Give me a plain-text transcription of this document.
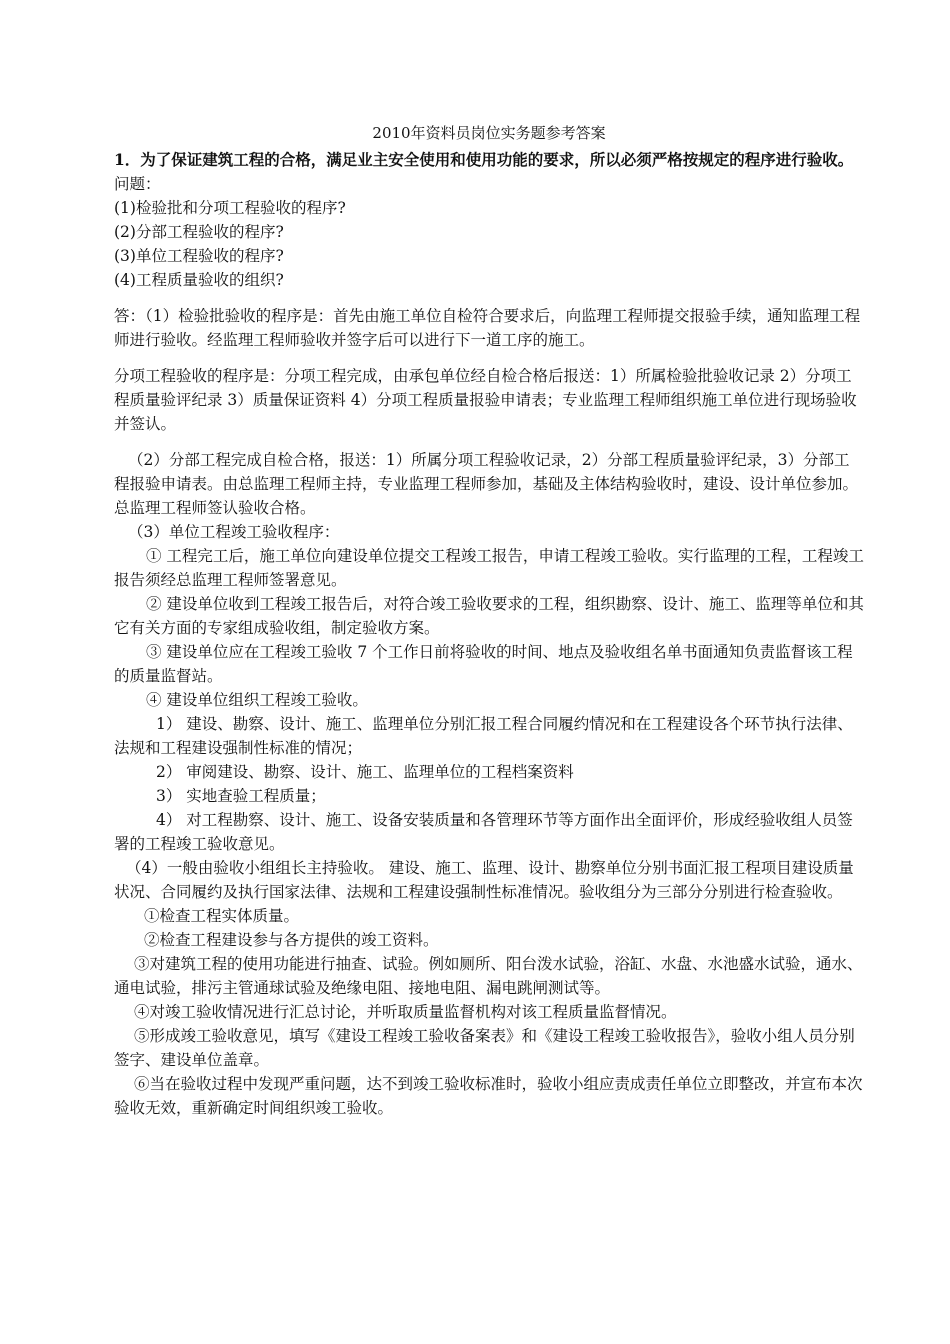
2010年资料员岗位实务题参考答案

1．为了保证建筑工程的合格，满足业主安全使用和使用功能的要求，所以必须严格按规定的程序进行验收。

问题：

(1)检验批和分项工程验收的程序?

(2)分部工程验收的程序?

(3)单位工程验收的程序?

(4)工程质量验收的组织?

答：（1）检验批验收的程序是：首先由施工单位自检符合要求后，向监理工程师提交报验手续，通知监理工程师进行验收。经监理工程师验收并签字后可以进行下一道工序的施工。

分项工程验收的程序是：分项工程完成，由承包单位经自检合格后报送：1）所属检验批验收记录 2）分项工程质量验评纪录 3）质量保证资料 4）分项工程质量报验申请表；专业监理工程师组织施工单位进行现场验收并签认。

（2）分部工程完成自检合格，报送：1）所属分项工程验收记录，2）分部工程质量验评纪录，3）分部工程报验申请表。由总监理工程师主持，专业监理工程师参加，基础及主体结构验收时，建设、设计单位参加。总监理工程师签认验收合格。

（3）单位工程竣工验收程序：

① 工程完工后，施工单位向建设单位提交工程竣工报告，申请工程竣工验收。实行监理的工程，工程竣工报告须经总监理工程师签署意见。

② 建设单位收到工程竣工报告后，对符合竣工验收要求的工程，组织勘察、设计、施工、监理等单位和其它有关方面的专家组成验收组，制定验收方案。

③ 建设单位应在工程竣工验收 7 个工作日前将验收的时间、地点及验收组名单书面通知负责监督该工程的质量监督站。

④ 建设单位组织工程竣工验收。

1） 建设、勘察、设计、施工、监理单位分别汇报工程合同履约情况和在工程建设各个环节执行法律、法规和工程建设强制性标准的情况；

2） 审阅建设、勘察、设计、施工、监理单位的工程档案资料

3） 实地查验工程质量；

4） 对工程勘察、设计、施工、设备安装质量和各管理环节等方面作出全面评价，形成经验收组人员签署的工程竣工验收意见。

（4）一般由验收小组组长主持验收。 建设、施工、监理、设计、勘察单位分别书面汇报工程项目建设质量状况、合同履约及执行国家法律、法规和工程建设强制性标准情况。验收组分为三部分分别进行检查验收。

①检查工程实体质量。

②检查工程建设参与各方提供的竣工资料。

③对建筑工程的使用功能进行抽查、试验。例如厕所、阳台泼水试验，浴缸、水盘、水池盛水试验，通水、通电试验，排污主管通球试验及绝缘电阻、接地电阻、漏电跳闸测试等。

④对竣工验收情况进行汇总讨论，并听取质量监督机构对该工程质量监督情况。

⑤形成竣工验收意见，填写《建设工程竣工验收备案表》和《建设工程竣工验收报告》，验收小组人员分别签字、建设单位盖章。

⑥当在验收过程中发现严重问题，达不到竣工验收标准时，验收小组应责成责任单位立即整改，并宣布本次验收无效，重新确定时间组织竣工验收。
